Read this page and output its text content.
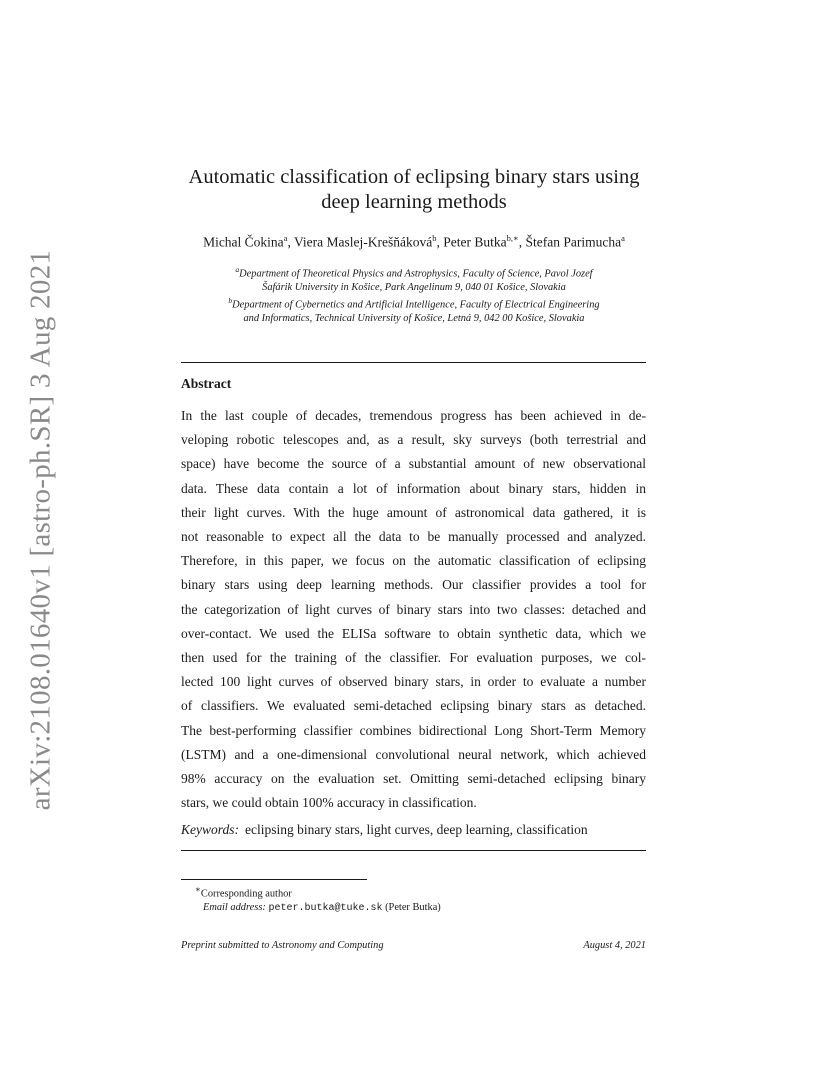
arXiv:2108.01640v1 [astro-ph.SR] 3 Aug 2021
Automatic classification of eclipsing binary stars using
deep learning methods
Michal Čokina$^a$, Viera Maslej-Krešňáková$^b$, Peter Butka$^{b,∗}$, Štefan Parimucha$^a$
$^a$Department of Theoretical Physics and Astrophysics, Faculty of Science, Pavol Jozef
Šafárik University in Košice, Park Angelinum 9, 040 01 Košice, Slovakia
$^b$Department of Cybernetics and Artificial Intelligence, Faculty of Electrical Engineering
and Informatics, Technical University of Košice, Letná 9, 042 00 Košice, Slovakia
Abstract
In the last couple of decades, tremendous progress has been achieved in de-
veloping robotic telescopes and, as a result, sky surveys (both terrestrial and
space) have become the source of a substantial amount of new observational
data. These data contain a lot of information about binary stars, hidden in
their light curves. With the huge amount of astronomical data gathered, it is
not reasonable to expect all the data to be manually processed and analyzed.
Therefore, in this paper, we focus on the automatic classification of eclipsing
binary stars using deep learning methods. Our classifier provides a tool for
the categorization of light curves of binary stars into two classes: detached and
over-contact. We used the ELISa software to obtain synthetic data, which we
then used for the training of the classifier. For evaluation purposes, we col-
lected 100 light curves of observed binary stars, in order to evaluate a number
of classifiers. We evaluated semi-detached eclipsing binary stars as detached.
The best-performing classifier combines bidirectional Long Short-Term Memory
(LSTM) and a one-dimensional convolutional neural network, which achieved
98% accuracy on the evaluation set. Omitting semi-detached eclipsing binary
stars, we could obtain 100% accuracy in classification.
Keywords: eclipsing binary stars, light curves, deep learning, classification
∗Corresponding author
Email address: peter.butka@tuke.sk (Peter Butka)
Preprint submitted to Astronomy and Computing	August 4, 2021
